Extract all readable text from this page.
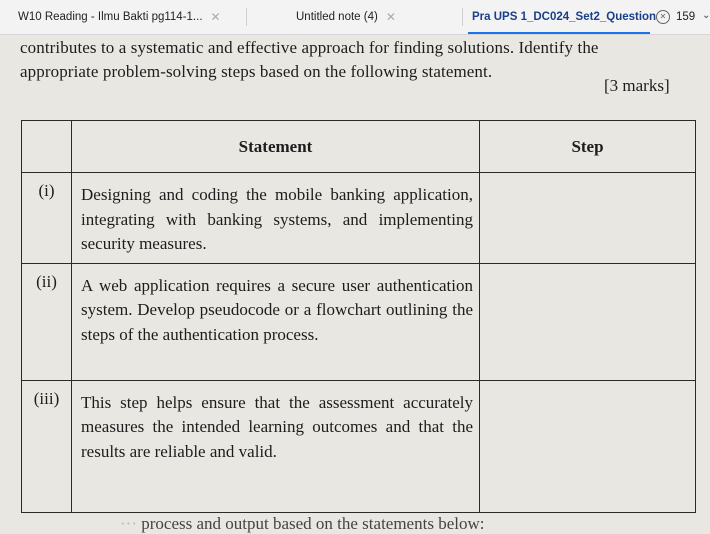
W10 Reading - Ilmu Bakti pg114-1... ✕	Untitled note (4) ✕	Pra UPS 1_DC024_Set2_Question ✕ 159 ⌄
contributes to a systematic and effective approach for finding solutions. Identify the
appropriate problem-solving steps based on the following statement.
[3 marks]
	Statement	Step
(i)	Designing and coding the mobile banking application, integrating with banking systems, and implementing security measures.	
(ii)	A web application requires a secure user authentication system. Develop pseudocode or a flowchart outlining the steps of the authentication process.	
(iii)	This step helps ensure that the assessment accurately measures the intended learning outcomes and that the results are reliable and valid.	
··· process and output based on the statements below:
